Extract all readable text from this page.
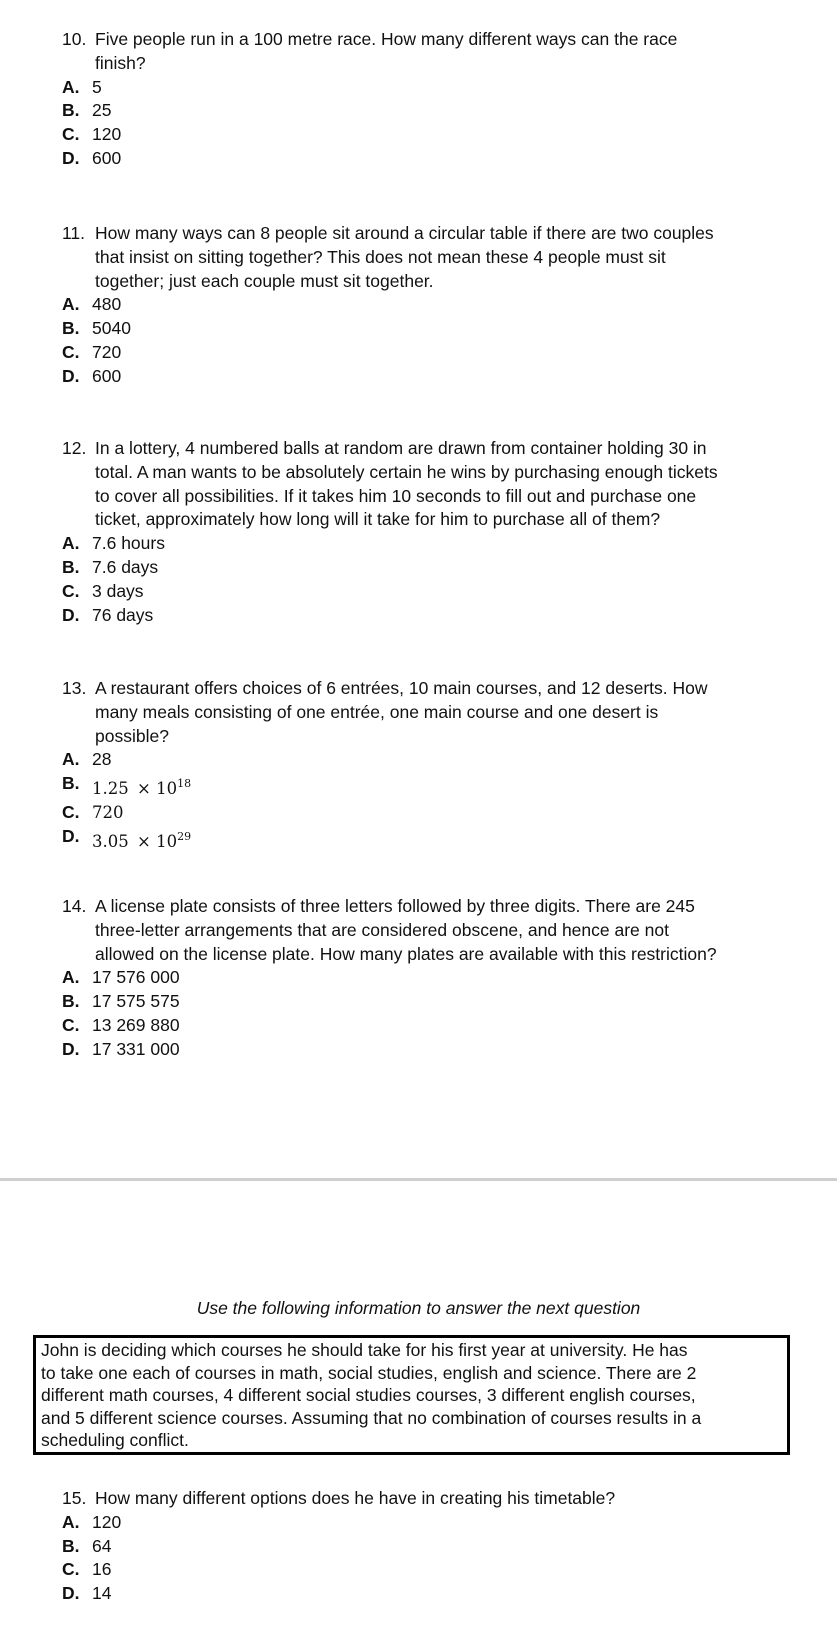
10. Five people run in a 100 metre race. How many different ways can the race
finish?
A. 5
B. 25
C. 120
D. 600
11. How many ways can 8 people sit around a circular table if there are two couples
that insist on sitting together? This does not mean these 4 people must sit
together; just each couple must sit together.
A. 480
B. 5040
C. 720
D. 600
12. In a lottery, 4 numbered balls at random are drawn from container holding 30 in
total. A man wants to be absolutely certain he wins by purchasing enough tickets
to cover all possibilities. If it takes him 10 seconds to fill out and purchase one
ticket, approximately how long will it take for him to purchase all of them?
A. 7.6 hours
B. 7.6 days
C. 3 days
D. 76 days
13. A restaurant offers choices of 6 entrées, 10 main courses, and 12 deserts. How
many meals consisting of one entrée, one main course and one desert is
possible?
A. 28
B. 1.25 × $10^{18}$
C. 720
D. 3.05 × $10^{29}$
14. A license plate consists of three letters followed by three digits. There are 245
three-letter arrangements that are considered obscene, and hence are not
allowed on the license plate. How many plates are available with this restriction?
A. 17 576 000
B. 17 575 575
C. 13 269 880
D. 17 331 000
15. How many different options does he have in creating his timetable?
A. 120
B. 64
C. 16
D. 14
Use the following information to answer the next question
John is deciding which courses he should take for his first year at university. He has
to take one each of courses in math, social studies, english and science. There are 2
different math courses, 4 different social studies courses, 3 different english courses,
and 5 different science courses. Assuming that no combination of courses results in a
scheduling conflict.
